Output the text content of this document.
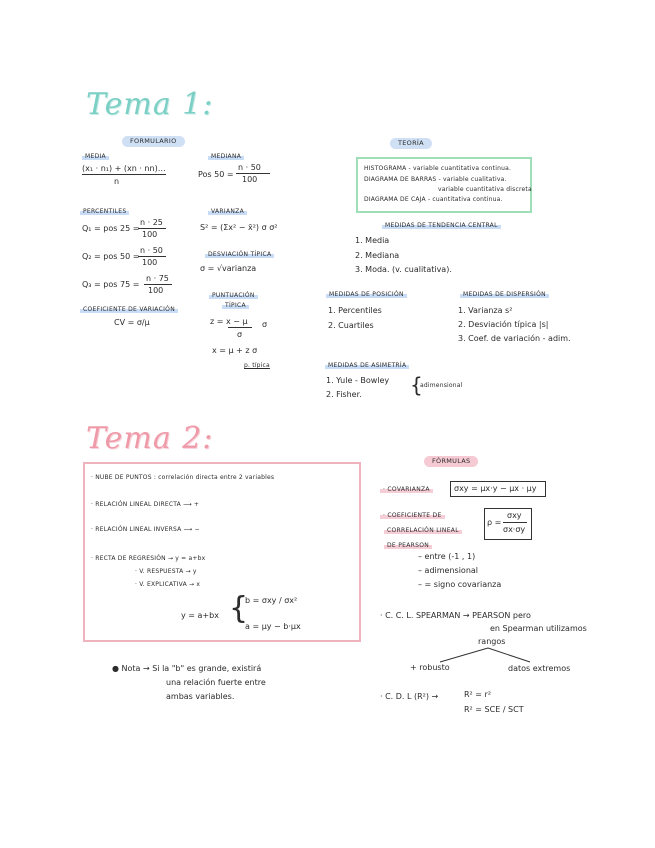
Tema 1:
FORMULARIO	TEORÍA
MEDIA
(x₁ · n₁) + (xn · nn)…
n
MEDIANA
Pos 50 =
n · 50
100
PERCENTILES
Q₁ = pos 25 =
n · 25
100
Q₂ = pos 50 =
n · 50
100
Q₃ = pos 75 =
n · 75
100
VARIANZA
S² = (Σx² − x̄²) σ σ²
DESVIACIÓN TÍPICA
σ = √varianza
COEFICIENTE DE VARIACIÓN
CV = σ/μ
PUNTUACIÓN
TÍPICA
z = x − μ
σ
σ
x = μ + z σ
p. típica
HISTOGRAMA - variable cuantitativa continua.
DIAGRAMA DE BARRAS - variable cualitativa.
variable cuantitativa discreta
DIAGRAMA DE CAJA - cuantitativa continua.
MEDIDAS DE TENDENCIA CENTRAL
1. Media
2. Mediana
3. Moda. (v. cualitativa).
MEDIDAS DE POSICIÓN
1. Percentiles
2. Cuartiles
MEDIDAS DE DISPERSIÓN
1. Varianza s²
2. Desviación típica |s|
3. Coef. de variación - adim.
MEDIDAS DE ASIMETRÍA
1. Yule - Bowley
2. Fisher. {
adimensional
Tema 2:
FÓRMULAS
· NUBE DE PUNTOS : correlación directa entre 2 variables
· RELACIÓN LINEAL DIRECTA ⟶ +
· RELACIÓN LINEAL INVERSA ⟶ −
· RECTA DE REGRESIÓN → y = a+bx
· V. RESPUESTA → y
· V. EXPLICATIVA → x
y = a+bx {
b = σxy / σx²
a = μy − b·μx
● Nota → Si la "b" es grande, existirá
una relación fuerte entre
ambas variables.
· COVARIANZA	σxy = μx·y − μx · μy
· COEFICIENTE DE
CORRELACIÓN LINEAL
DE PEARSON
ρ =
σxy
σx·σy
– entre (-1 , 1)
– adimensional
– = signo covarianza
· C. C. L. SPEARMAN → PEARSON pero
en Spearman utilizamos
rangos
+ robusto	datos extremos
· C. D. L (R²) →	R² = r²
R² = SCE / SCT
